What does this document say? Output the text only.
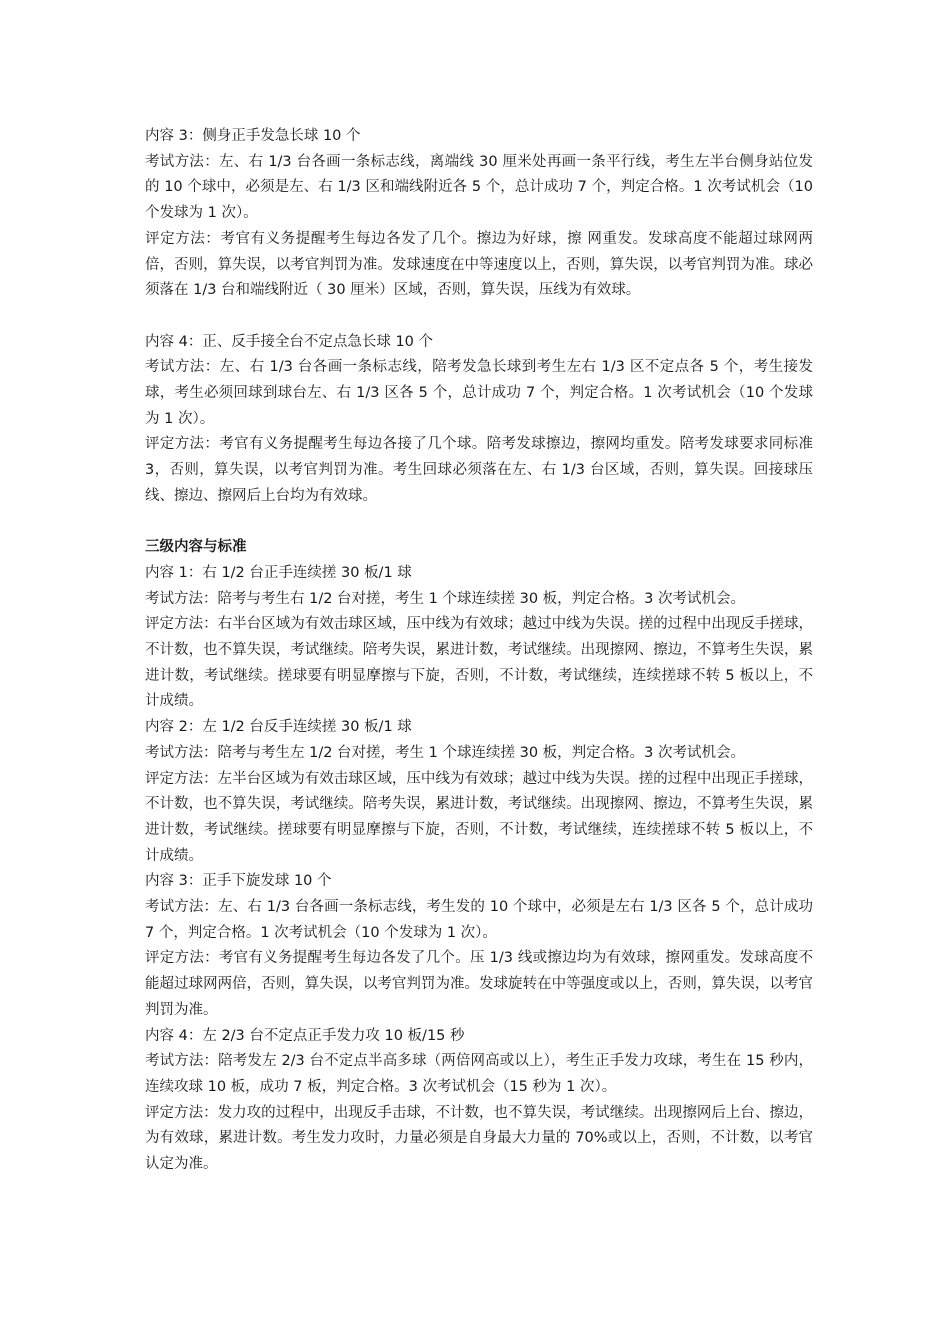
内容 3：侧身正手发急长球 10 个

考试方法：左、右 1/3 台各画一条标志线，离端线 30 厘米处再画一条平行线，考生左半台侧身站位发的 10 个球中，必须是左、右 1/3 区和端线附近各 5 个，总计成功 7 个，判定合格。1 次考试机会（10 个发球为 1 次）。

评定方法：考官有义务提醒考生每边各发了几个。擦边为好球，擦 网重发。发球高度不能超过球网两倍，否则，算失误，以考官判罚为准。发球速度在中等速度以上，否则，算失误，以考官判罚为准。球必须落在 1/3 台和端线附近（ 30 厘米）区域，否则，算失误，压线为有效球。

内容 4：正、反手接全台不定点急长球 10 个

考试方法：左、右 1/3 台各画一条标志线，陪考发急长球到考生左右 1/3 区不定点各 5 个，考生接发球，考生必须回球到球台左、右 1/3 区各 5 个，总计成功 7 个，判定合格。1 次考试机会（10 个发球为 1 次）。

评定方法：考官有义务提醒考生每边各接了几个球。陪考发球擦边，擦网均重发。陪考发球要求同标准 3，否则，算失误，以考官判罚为准。考生回球必须落在左、右 1/3 台区域，否则，算失误。回接球压线、擦边、擦网后上台均为有效球。

三级内容与标准

内容 1：右 1/2 台正手连续搓 30 板/1 球

考试方法：陪考与考生右 1/2 台对搓，考生 1 个球连续搓 30 板，判定合格。3 次考试机会。

评定方法：右半台区域为有效击球区域，压中线为有效球；越过中线为失误。搓的过程中出现反手搓球，不计数，也不算失误，考试继续。陪考失误，累进计数，考试继续。出现擦网、擦边，不算考生失误，累进计数，考试继续。搓球要有明显摩擦与下旋，否则，不计数，考试继续，连续搓球不转 5 板以上，不计成绩。

内容 2：左 1/2 台反手连续搓 30 板/1 球

考试方法：陪考与考生左 1/2 台对搓，考生 1 个球连续搓 30 板，判定合格。3 次考试机会。

评定方法：左半台区域为有效击球区域，压中线为有效球；越过中线为失误。搓的过程中出现正手搓球，不计数，也不算失误，考试继续。陪考失误，累进计数，考试继续。出现擦网、擦边，不算考生失误，累进计数，考试继续。搓球要有明显摩擦与下旋，否则，不计数，考试继续，连续搓球不转 5 板以上，不计成绩。

内容 3：正手下旋发球 10 个

考试方法：左、右 1/3 台各画一条标志线，考生发的 10 个球中，必须是左右 1/3 区各 5 个，总计成功 7 个，判定合格。1 次考试机会（10 个发球为 1 次）。

评定方法：考官有义务提醒考生每边各发了几个。压 1/3 线或擦边均为有效球，擦网重发。发球高度不能超过球网两倍，否则，算失误，以考官判罚为准。发球旋转在中等强度或以上，否则，算失误，以考官判罚为准。

内容 4：左 2/3 台不定点正手发力攻 10 板/15 秒

考试方法：陪考发左 2/3 台不定点半高多球（两倍网高或以上），考生正手发力攻球，考生在 15 秒内，连续攻球 10 板，成功 7 板，判定合格。3 次考试机会（15 秒为 1 次）。

评定方法：发力攻的过程中，出现反手击球，不计数，也不算失误，考试继续。出现擦网后上台、擦边，为有效球，累进计数。考生发力攻时，力量必须是自身最大力量的 70%或以上，否则，不计数，以考官认定为准。
